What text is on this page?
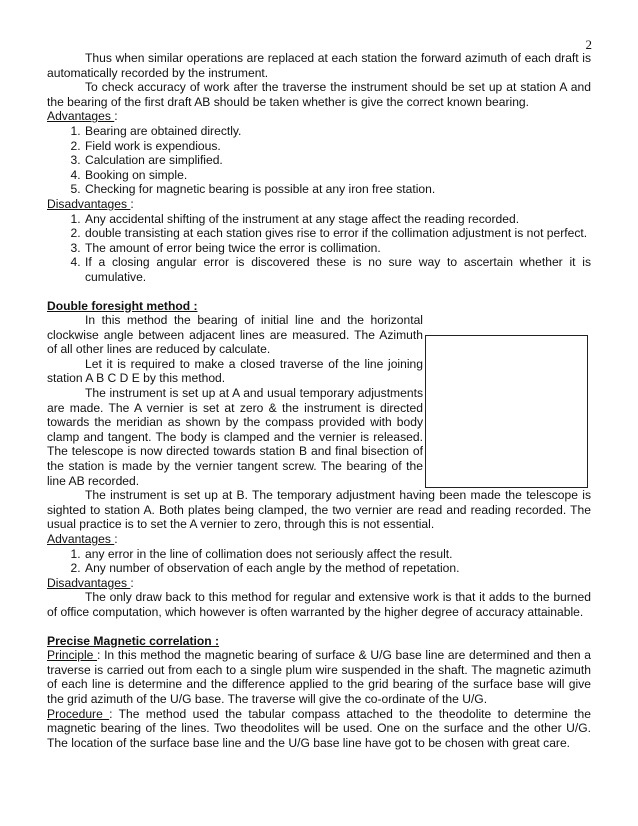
2

Thus when similar operations are replaced at each station the forward azimuth of each draft is automatically recorded by the instrument.

To check accuracy of work after the traverse the instrument should be set up at station A and the bearing of the first draft AB should be taken whether is give the correct known bearing.

Advantages :

1. Bearing are obtained directly.
2. Field work is expendious.
3. Calculation are simplified.
4. Booking on simple.
5. Checking for magnetic bearing is possible at any iron free station.

Disadvantages :

1. Any accidental shifting of the instrument at any stage affect the reading recorded.
2. double transisting at each station gives rise to error if the collimation adjustment is not perfect.
3. The amount of error being twice the error is collimation.
4. If a closing angular error is discovered these is no sure way to ascertain whether it is cumulative.

Double foresight method :

In this method the bearing of initial line and the horizontal clockwise angle between adjacent lines are measured. The Azimuth of all other lines are reduced by calculate.

Let it is required to make a closed traverse of the line joining station A B C D E by this method.

The instrument is set up at A and usual temporary adjustments are made. The A vernier is set at zero & the instrument is directed towards the meridian as shown by the compass provided with body clamp and tangent. The body is clamped and the vernier is released. The telescope is now directed towards station B and final bisection of the station is made by the vernier tangent screw. The bearing of the line AB recorded.

The instrument is set up at B. The temporary adjustment having been made the telescope is sighted to station A. Both plates being clamped, the two vernier are read and reading recorded. The usual practice is to set the A vernier to zero, through this is not essential.

Advantages :

1. any error in the line of collimation does not seriously affect the result.
2. Any number of observation of each angle by the method of repetation.

Disadvantages :

The only draw back to this method for regular and extensive work is that it adds to the burned of office computation, which however is often warranted by the higher degree of accuracy attainable.

Precise Magnetic correlation :

Principle : In this method the magnetic bearing of surface & U/G base line are determined and then a traverse is carried out from each to a single plum wire suspended in the shaft. The magnetic azimuth of each line is determine and the difference applied to the grid bearing of the surface base will give the grid azimuth of the U/G base. The traverse will give the co-ordinate of the U/G.

Procedure : The method used the tabular compass attached to the theodolite to determine the magnetic bearing of the lines. Two theodolites will be used. One on the surface and the other U/G. The location of the surface base line and the U/G base line have got to be chosen with great care.
